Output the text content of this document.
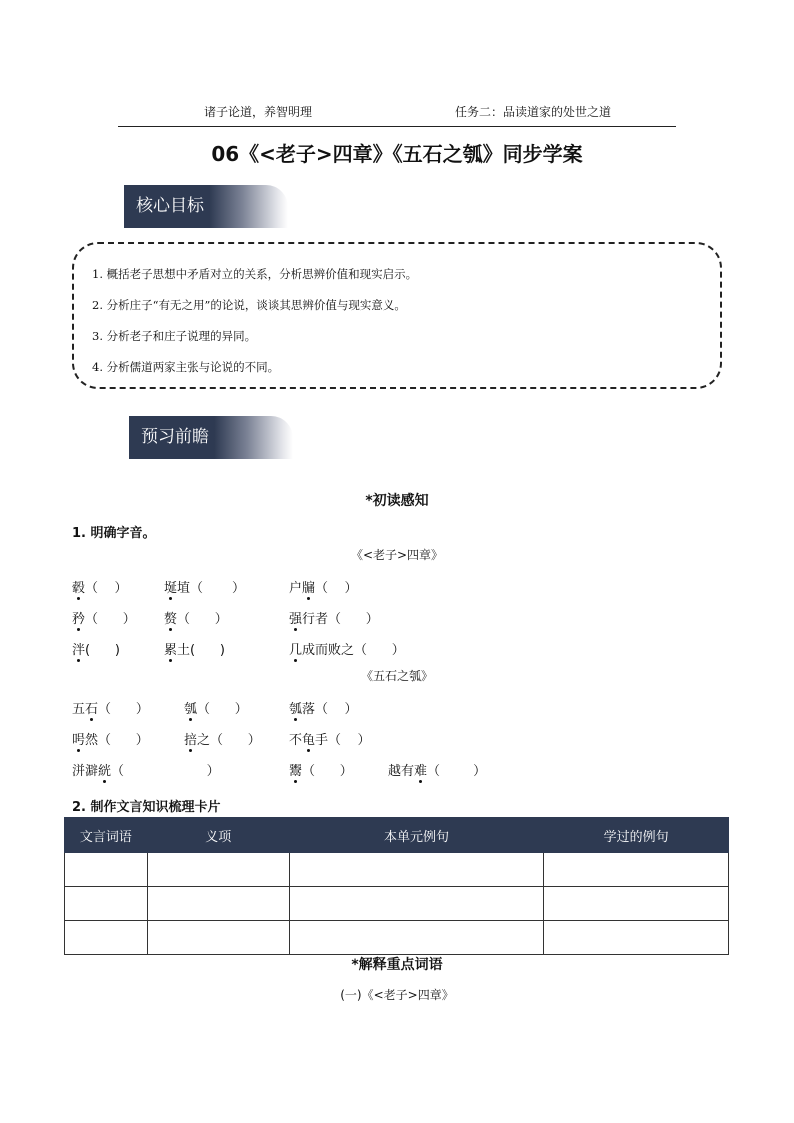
诸子论道，养智明理	任务二：品读道家的处世之道
06《<老子>四章》《五石之瓠》同步学案
核心目标
1. 概括老子思想中矛盾对立的关系，分析思辨价值和现实启示。
2. 分析庄子“有无之用”的论说，谈谈其思辨价值与现实意义。
3. 分析老子和庄子说理的异同。
4. 分析儒道两家主张与论说的不同。
预习前瞻
*初读感知
1. 明确字音。
《<老子>四章》
毂（    ）	埏埴（       ）	户牖（    ）
矜（      ） 赘（      ）	强行者（      ）
泮(      )	累土(      )	几成而败之（      ）
《五石之瓠》
五石（      ）	瓠（      ）	瓠落（    ）
呺然（      ）	掊之（      ） 不龟手（    ）
洴澼絖（                    ）	鬻（      ）	越有难（        ）
2. 制作文言知识梳理卡片
文言词语	义项	本单元例句	学过的例句

*解释重点词语
(一)《<老子>四章》
